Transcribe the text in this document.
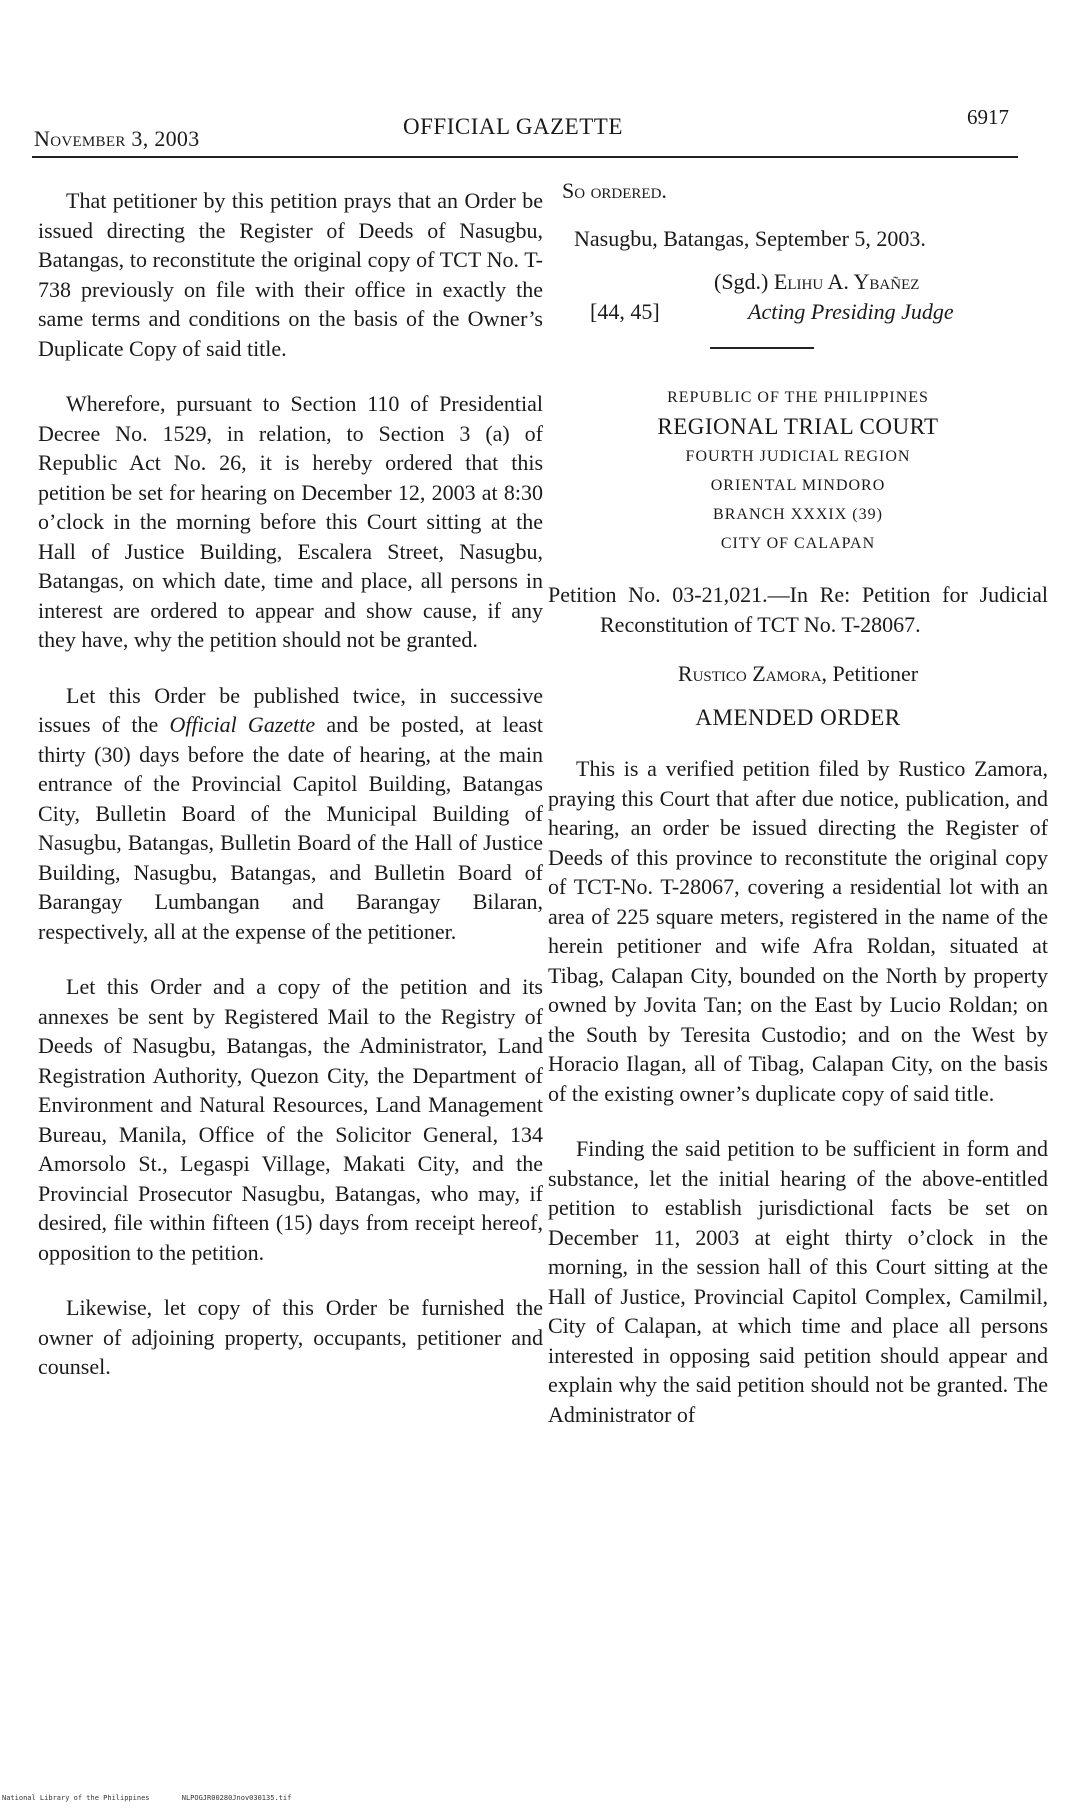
November 3, 2003	OFFICIAL GAZETTE	6917

That petitioner by this petition prays that an Order be issued directing the Register of Deeds of Nasugbu, Batangas, to reconstitute the original copy of TCT No. T-738 previously on file with their office in exactly the same terms and conditions on the basis of the Owner’s Duplicate Copy of said title.

Wherefore, pursuant to Section 110 of Presidential Decree No. 1529, in relation, to Section 3 (a) of Republic Act No. 26, it is hereby ordered that this petition be set for hearing on December 12, 2003 at 8:30 o’clock in the morning before this Court sitting at the Hall of Justice Building, Escalera Street, Nasugbu, Batangas, on which date, time and place, all persons in interest are ordered to appear and show cause, if any they have, why the petition should not be granted.

Let this Order be published twice, in successive issues of the Official Gazette and be posted, at least thirty (30) days before the date of hearing, at the main entrance of the Provincial Capitol Building, Batangas City, Bulletin Board of the Municipal Building of Nasugbu, Batangas, Bulletin Board of the Hall of Justice Building, Nasugbu, Batangas, and Bulletin Board of Barangay Lumbangan and Barangay Bilaran, respectively, all at the expense of the petitioner.

Let this Order and a copy of the petition and its annexes be sent by Registered Mail to the Registry of Deeds of Nasugbu, Batangas, the Administrator, Land Registration Authority, Quezon City, the Department of Environment and Natural Resources, Land Management Bureau, Manila, Office of the Solicitor General, 134 Amorsolo St., Legaspi Village, Makati City, and the Provincial Prosecutor Nasugbu, Batangas, who may, if desired, file within fifteen (15) days from receipt hereof, opposition to the petition.

Likewise, let copy of this Order be furnished the owner of adjoining property, occupants, petitioner and counsel.

So ordered.
Nasugbu, Batangas, September 5, 2003.
(Sgd.) Elihu A. Ybañez
[44, 45]	Acting Presiding Judge
REPUBLIC OF THE PHILIPPINES
REGIONAL TRIAL COURT
FOURTH JUDICIAL REGION
ORIENTAL MINDORO
BRANCH XXXIX (39)
CITY OF CALAPAN
Petition No. 03-21,021.—In Re: Petition for Judicial Reconstitution of TCT No. T-28067.
Rustico Zamora, Petitioner
AMENDED ORDER

This is a verified petition filed by Rustico Zamora, praying this Court that after due notice, publication, and hearing, an order be issued directing the Register of Deeds of this province to reconstitute the original copy of TCT-No. T-28067, covering a residential lot with an area of 225 square meters, registered in the name of the herein petitioner and wife Afra Roldan, situated at Tibag, Calapan City, bounded on the North by property owned by Jovita Tan; on the East by Lucio Roldan; on the South by Teresita Custodio; and on the West by Horacio Ilagan, all of Tibag, Calapan City, on the basis of the existing owner’s duplicate copy of said title.

Finding the said petition to be sufficient in form and substance, let the initial hearing of the above-entitled petition to establish jurisdictional facts be set on December 11, 2003 at eight thirty o’clock in the morning, in the session hall of this Court sitting at the Hall of Justice, Provincial Capitol Complex, Camilmil, City of Calapan, at which time and place all persons interested in opposing said petition should appear and explain why the said petition should not be granted. The Administrator of

National Library of the Philippines	NLPOGJR00280Jnov030135.tif
